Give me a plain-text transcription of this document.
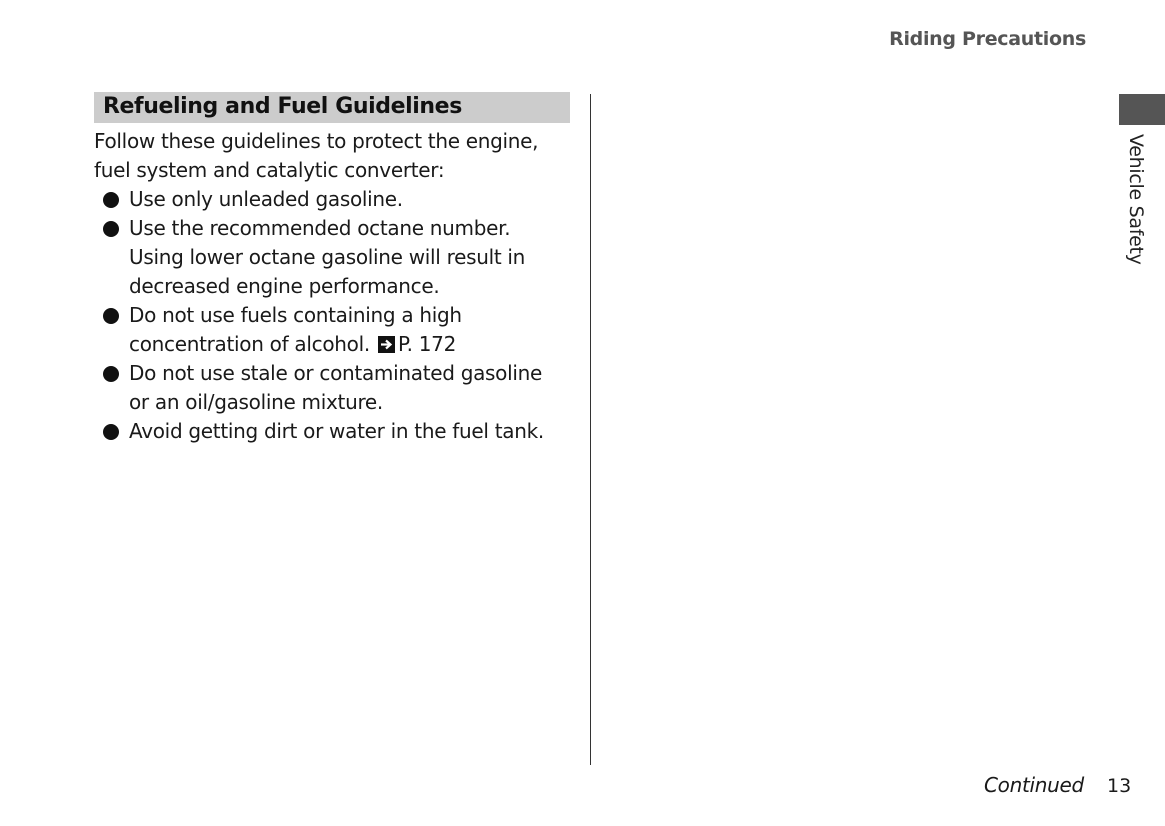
Riding Precautions
Vehicle Safety
Refueling and Fuel Guidelines

Follow these guidelines to protect the engine,
fuel system and catalytic converter:

Use only unleaded gasoline.
Use the recommended octane number.
Using lower octane gasoline will result in
decreased engine performance.
Do not use fuels containing a high
concentration of alcohol. P. 172
Do not use stale or contaminated gasoline
or an oil/gasoline mixture.
Avoid getting dirt or water in the fuel tank.
Continued 13
